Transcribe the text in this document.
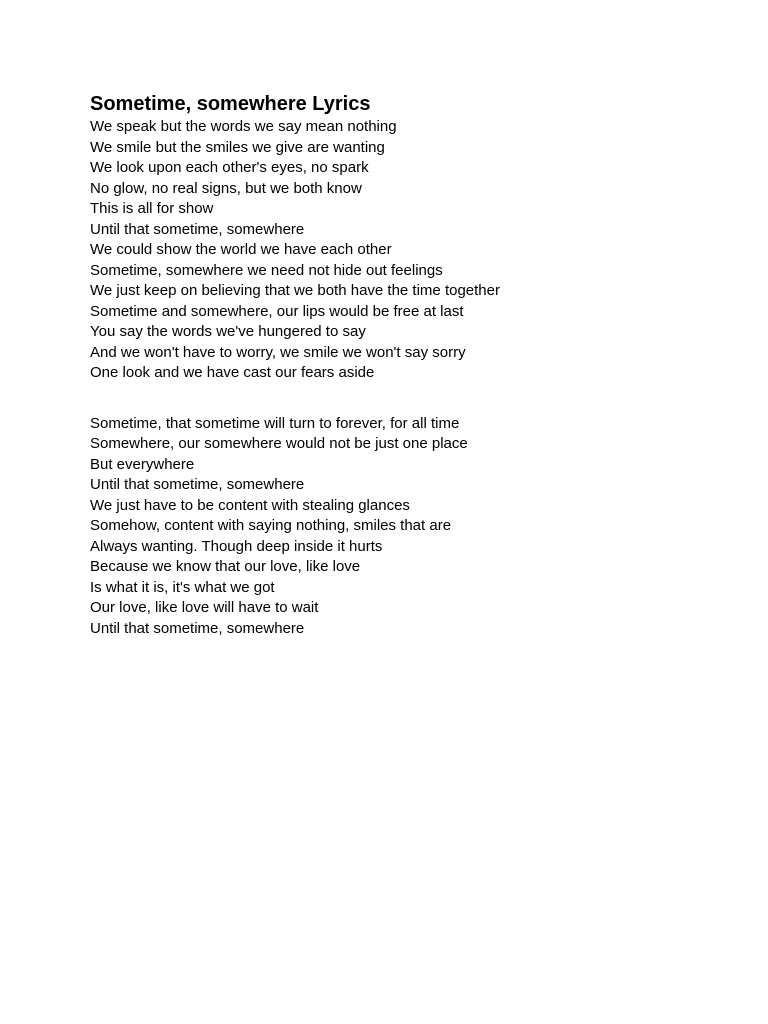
Sometime, somewhere Lyrics
We speak but the words we say mean nothing
We smile but the smiles we give are wanting
We look upon each other's eyes, no spark
No glow, no real signs, but we both know
This is all for show
Until that sometime, somewhere
We could show the world we have each other
Sometime, somewhere we need not hide out feelings
We just keep on believing that we both have the time together
Sometime and somewhere, our lips would be free at last
You say the words we've hungered to say
And we won't have to worry, we smile we won't say sorry
One look and we have cast our fears aside
Sometime, that sometime will turn to forever, for all time
Somewhere, our somewhere would not be just one place
But everywhere
Until that sometime, somewhere
We just have to be content with stealing glances
Somehow, content with saying nothing, smiles that are
Always wanting. Though deep inside it hurts
Because we know that our love, like love
Is what it is, it's what we got
Our love, like love will have to wait
Until that sometime, somewhere
